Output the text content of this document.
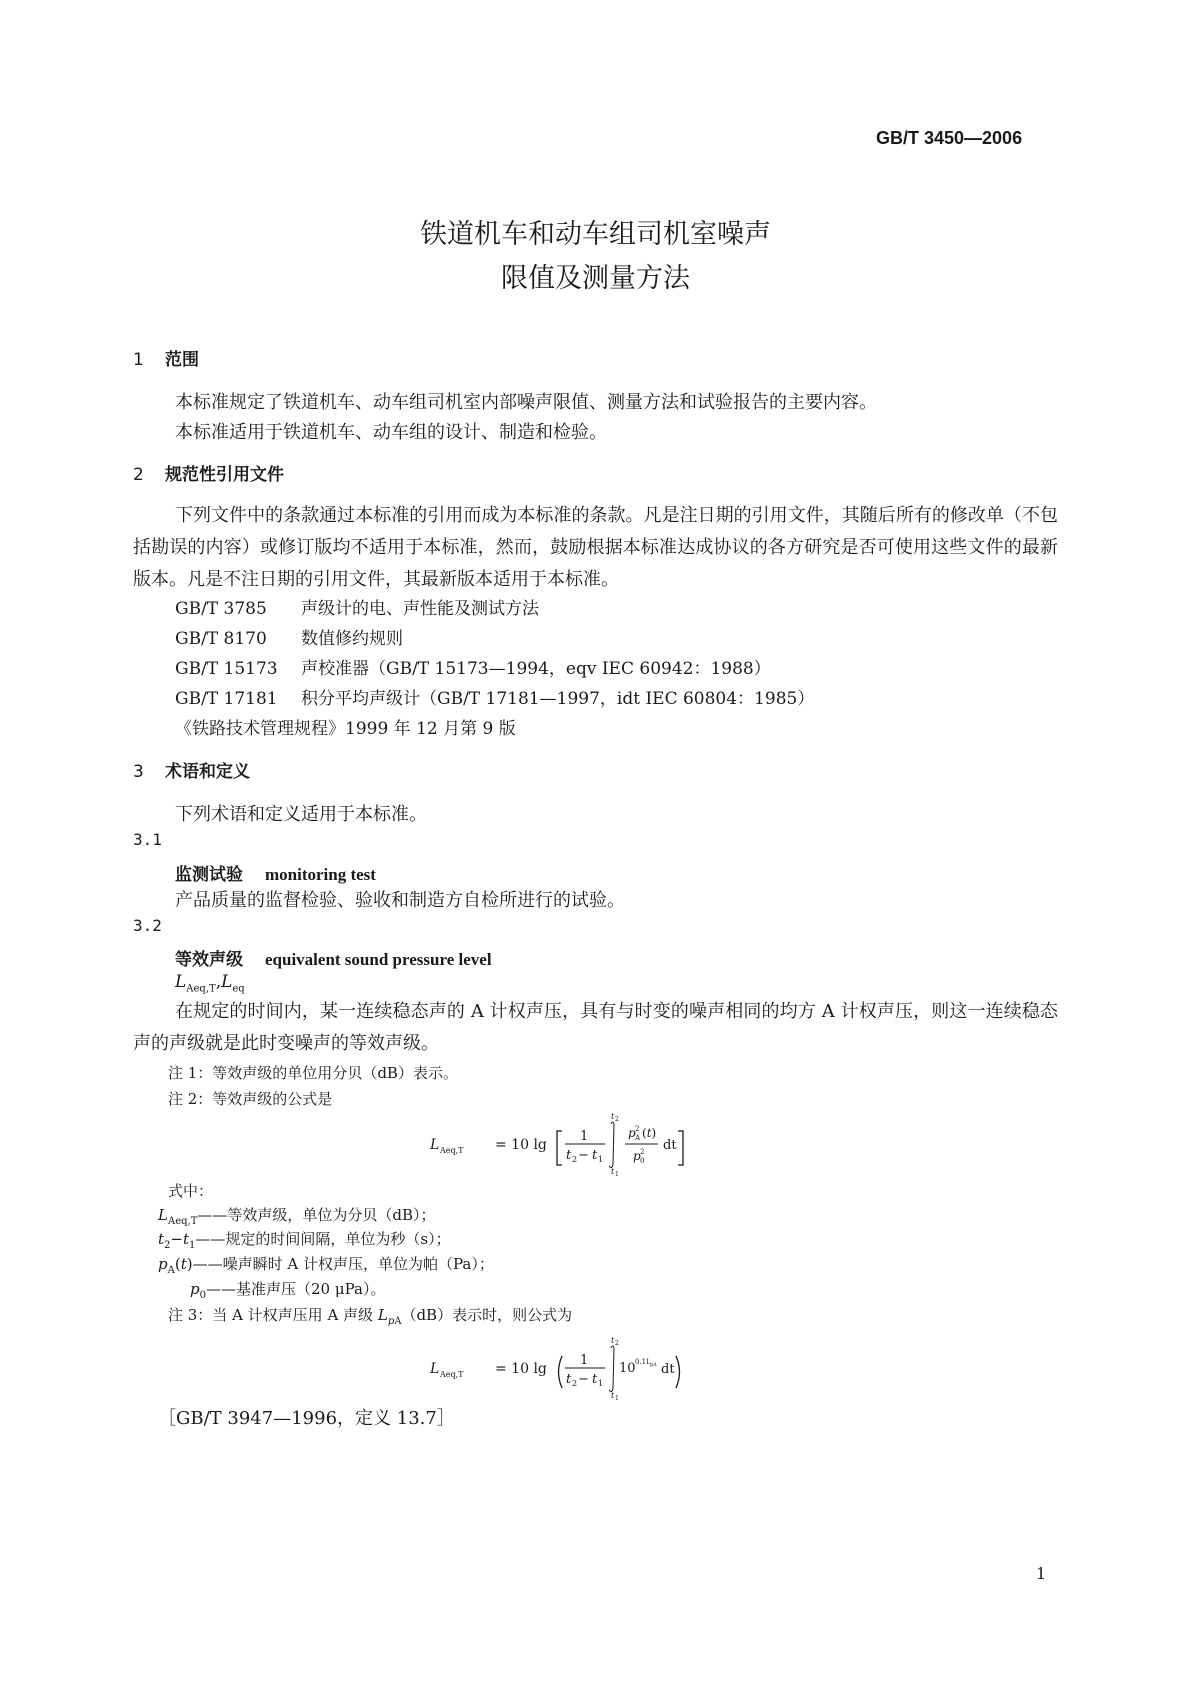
GB/T 3450—2006
铁道机车和动车组司机室噪声
限值及测量方法
1 范围
本标准规定了铁道机车、动车组司机室内部噪声限值、测量方法和试验报告的主要内容。
本标准适用于铁道机车、动车组的设计、制造和检验。
2 规范性引用文件
下列文件中的条款通过本标准的引用而成为本标准的条款。凡是注日期的引用文件，其随后所有的修改单（不包括勘误的内容）或修订版均不适用于本标准，然而，鼓励根据本标准达成协议的各方研究是否可使用这些文件的最新版本。凡是不注日期的引用文件，其最新版本适用于本标准。
GB/T 3785 声级计的电、声性能及测试方法
GB/T 8170 数值修约规则
GB/T 15173 声校准器（GB/T 15173—1994，eqv IEC 60942：1988）
GB/T 17181 积分平均声级计（GB/T 17181—1997，idt IEC 60804：1985）
《铁路技术管理规程》1999 年 12 月第 9 版
3 术语和定义
下列术语和定义适用于本标准。
3.1
监测试验 monitoring test
产品质量的监督检验、验收和制造方自检所进行的试验。
3.2
等效声级 equivalent sound pressure level
$L_{Aeq,T},L_{eq}$
在规定的时间内，某一连续稳态声的 A 计权声压，具有与时变的噪声相同的均方 A 计权声压，则这一连续稳态声的声级就是此时变噪声的等效声级。
注 1：等效声级的单位用分贝（dB）表示。
注 2：等效声级的公式是
L Aeq,T = 10 lg
1
t 2 − t 1
t 2
t 1
p A
2 (t)
p 0
2 dt
式中：
$L_{Aeq,T}——$等效声级，单位为分贝（dB）；
$t_2-t_1——$规定的时间间隔，单位为秒（s）；
$p_A(t)——$噪声瞬时 A 计权声压，单位为帕（Pa）；
$p_0——$基准声压（20 μPa）。
注 3：当 A 计权声压用 A 声级 $L_{pA}(dB)$表示时，则公式为
L Aeq,T = 10 lg
1
t 2 − t 1
t 2
t 1
10 0.1L pA dt
［GB/T 3947—1996，定义 13.7］
1
